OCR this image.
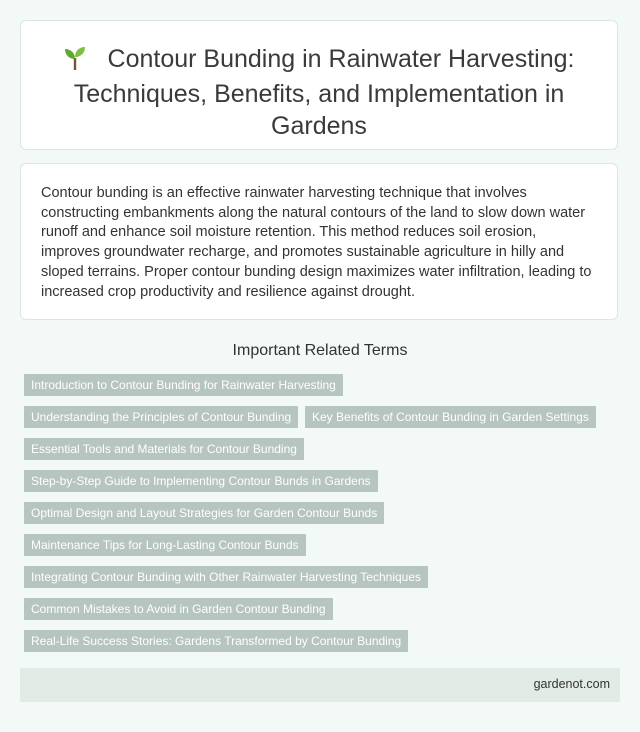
Contour Bunding in Rainwater Harvesting: Techniques, Benefits, and Implementation in Gardens

Contour bunding is an effective rainwater harvesting technique that involves constructing embankments along the natural contours of the land to slow down water runoff and enhance soil moisture retention. This method reduces soil erosion, improves groundwater recharge, and promotes sustainable agriculture in hilly and sloped terrains. Proper contour bunding design maximizes water infiltration, leading to increased crop productivity and resilience against drought.

Important Related Terms
Introduction to Contour Bunding for Rainwater Harvesting
Understanding the Principles of Contour Bunding	Key Benefits of Contour Bunding in Garden Settings
Essential Tools and Materials for Contour Bunding
Step-by-Step Guide to Implementing Contour Bunds in Gardens
Optimal Design and Layout Strategies for Garden Contour Bunds
Maintenance Tips for Long-Lasting Contour Bunds
Integrating Contour Bunding with Other Rainwater Harvesting Techniques
Common Mistakes to Avoid in Garden Contour Bunding
Real-Life Success Stories: Gardens Transformed by Contour Bunding
gardenot.com
